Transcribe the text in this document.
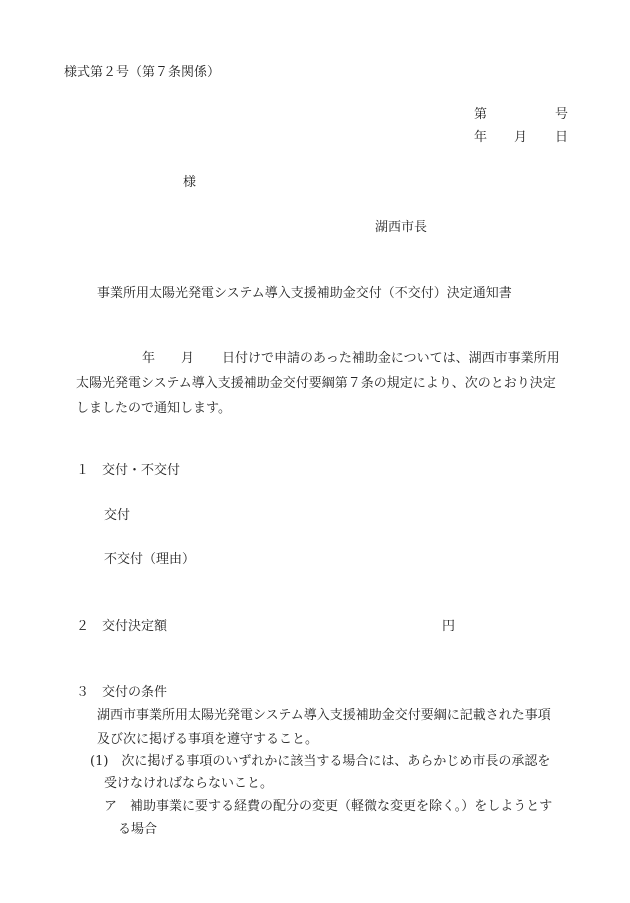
様式第２号（第７条関係）
第	号
年 月 日
様
湖西市長
事業所用太陽光発電システム導入支援補助金交付（不交付）決定通知書
年 月 日付けで申請のあった補助金については、湖西市事業所用
太陽光発電システム導入支援補助金交付要綱第７条の規定により、次のとおり決定
しましたので通知します。
１　交付・不交付
交付
不交付（理由）
２　交付決定額	円
３　交付の条件
湖西市事業所用太陽光発電システム導入支援補助金交付要綱に記載された事項
及び次に掲げる事項を遵守すること。
(1)　次に掲げる事項のいずれかに該当する場合には、あらかじめ市長の承認を
受けなければならないこと。
ア　補助事業に要する経費の配分の変更（軽微な変更を除く。）をしようとす
る場合
